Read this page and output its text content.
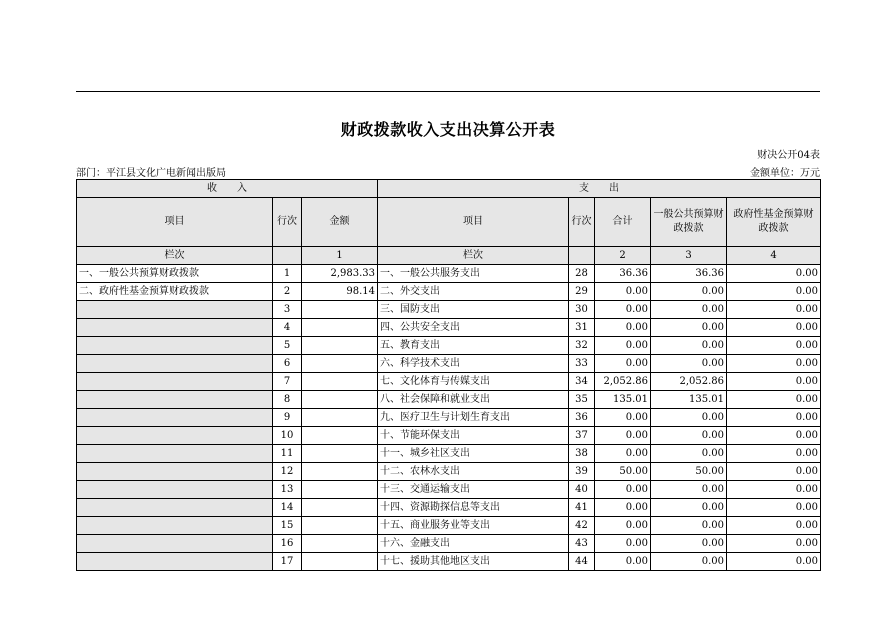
财政拨款收入支出决算公开表
财决公开04表
部门：平江县文化广电新闻出版局	金额单位：万元
收　　入			支　　出				
项目	行次	金额	项目	行次	合计	一般公共预算财政拨款	政府性基金预算财政拨款
栏次		1	栏次		2	3	4
一、一般公共预算财政拨款	1	2,983.33	一、一般公共服务支出	28	36.36	36.36	0.00
二、政府性基金预算财政拨款	2	98.14	二、外交支出	29	0.00	0.00	0.00
	3		三、国防支出	30	0.00	0.00	0.00
	4		四、公共安全支出	31	0.00	0.00	0.00
	5		五、教育支出	32	0.00	0.00	0.00
	6		六、科学技术支出	33	0.00	0.00	0.00
	7		七、文化体育与传媒支出	34	2,052.86	2,052.86	0.00
	8		八、社会保障和就业支出	35	135.01	135.01	0.00
	9		九、医疗卫生与计划生育支出	36	0.00	0.00	0.00
	10		十、节能环保支出	37	0.00	0.00	0.00
	11		十一、城乡社区支出	38	0.00	0.00	0.00
	12		十二、农林水支出	39	50.00	50.00	0.00
	13		十三、交通运输支出	40	0.00	0.00	0.00
	14		十四、资源勘探信息等支出	41	0.00	0.00	0.00
	15		十五、商业服务业等支出	42	0.00	0.00	0.00
	16		十六、金融支出	43	0.00	0.00	0.00
	17		十七、援助其他地区支出	44	0.00	0.00	0.00
